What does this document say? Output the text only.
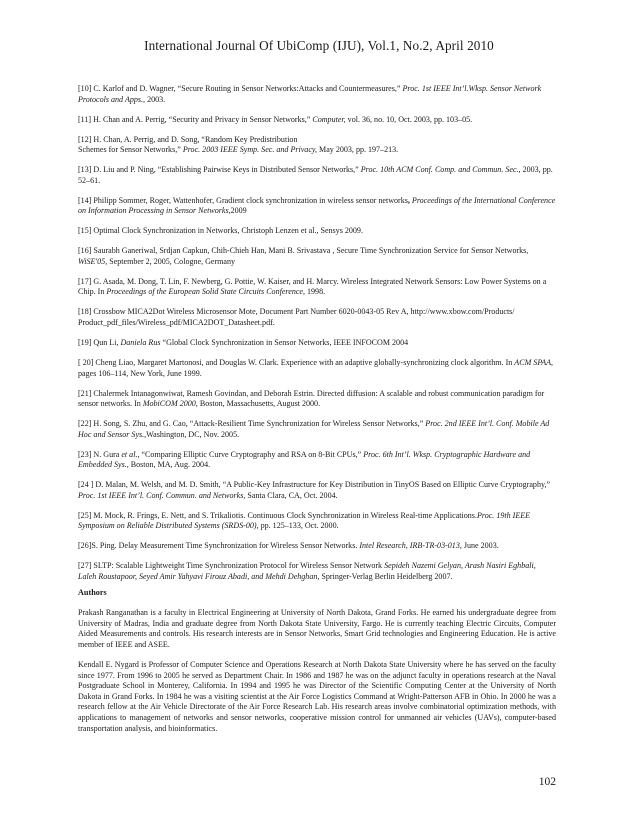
International Journal Of UbiComp (IJU), Vol.1, No.2, April 2010

[10] C. Karlof and D. Wagner, “Secure Routing in Sensor Networks:Attacks and Countermeasures,” Proc. 1st IEEE Int’l.Wksp. Sensor Network Protocols and Apps., 2003.

[11] H. Chan and A. Perrig, “Security and Privacy in Sensor Networks,” Computer, vol. 36, no. 10, Oct. 2003, pp. 103–05.

[12] H. Chan, A. Perrig, and D. Song, “Random Key Predistribution
Schemes for Sensor Networks,” Proc. 2003 IEEE Symp. Sec. and Privacy, May 2003, pp. 197–213.

[13] D. Liu and P. Ning, “Establishing Pairwise Keys in Distributed Sensor Networks,” Proc. 10th ACM Conf. Comp. and Commun. Sec., 2003, pp. 52–61.

[14] Philipp Sommer, Roger, Wattenhofer, Gradient clock synchronization in wireless sensor networks, Proceedings of the International Conference on Information Processing in Sensor Networks,2009

[15] Optimal Clock Synchronization in Networks, Christoph Lenzen et al., Sensys 2009.

[16] Saurabh Ganeriwal, Srdjan Capkun, Chih-Chieh Han, Mani B. Srivastava , Secure Time Synchronization Service for Sensor Networks, WiSE'05, September 2, 2005, Cologne, Germany

[17] G. Asada, M. Dong, T. Lin, F. Newberg, G. Pottie, W. Kaiser, and H. Marcy. Wireless Integrated Network Sensors: Low Power Systems on a Chip. In Proceedings of the European Solid State Circuits Conference, 1998.

[18] Crossbow MICA2Dot Wireless Microsensor Mote, Document Part Number 6020-0043-05 Rev A, http://www.xbow.com/Products/
Product_pdf_files/Wireless_pdf/MICA2DOT_Datasheet.pdf.

[19] Qun Li, Daniela Rus “Global Clock Synchronization in Sensor Networks, IEEE INFOCOM 2004

[ 20] Cheng Liao, Margaret Martonosi, and Douglas W. Clark. Experience with an adaptive globally-synchronizing clock algorithm. In ACM SPAA, pages 106–114, New York, June 1999.

[21] Chalermek Intanagonwiwat, Ramesh Govindan, and Deborah Estrin. Directed diffusion: A scalable and robust communication paradigm for sensor networks. In MobiCOM 2000, Boston, Massachusetts, August 2000.

[22] H. Song, S. Zhu, and G. Cao, “Attack-Resilient Time Synchronization for Wireless Sensor Networks,” Proc. 2nd IEEE Int’l. Conf. Mobile Ad Hoc and Sensor Sys.,Washington, DC, Nov. 2005.

[23] N. Gura et al., “Comparing Elliptic Curve Cryptography and RSA on 8-Bit CPUs,” Proc. 6th Int’l. Wksp. Cryptographic Hardware and Embedded Sys., Boston, MA, Aug. 2004.

[24 ] D. Malan, M. Welsh, and M. D. Smith, “A Public-Key Infrastructure for Key Distribution in TinyOS Based on Elliptic Curve Cryptography,” Proc. 1st IEEE Int’l. Conf. Commun. and Networks, Santa Clara, CA, Oct. 2004.

[25] M. Mock, R. Frings, E. Nett, and S. Trikaliotis. Continuous Clock Synchronization in Wireless Real-time Applications.Proc. 19th IEEE Symposium on Reliable Distributed Systems (SRDS-00), pp. 125–133, Oct. 2000.

[26]S. Ping. Delay Measurement Time Synchronization for Wireless Sensor Networks. Intel Research, IRB-TR-03-013, June 2003.

[27] SLTP: Scalable Lightweight Time Synchronization Protocol for Wireless Sensor Network Sepideh Nazemi Gelyan, Arash Nasiri Eghbali, Laleh Roustapoor, Seyed Amir Yahyavi Firouz Abadi, and Mehdi Dehghan, Springer-Verlag Berlin Heidelberg 2007.

Authors

Prakash Ranganathan is a faculty in Electrical Engineering at University of North Dakota, Grand Forks. He earned his undergraduate degree from University of Madras, India and graduate degree from North Dakota State University, Fargo. He is currently teaching Electric Circuits, Computer Aided Measurements and controls. His research interests are in Sensor Networks, Smart Grid technologies and Engineering Education. He is active member of IEEE and ASEE.

Kendall E. Nygard is Professor of Computer Science and Operations Research at North Dakota State University where he has served on the faculty since 1977. From 1996 to 2005 he served as Department Chair. In 1986 and 1987 he was on the adjunct faculty in operations research at the Naval Postgraduate School in Monterey, California. In 1994 and 1995 he was Director of the Scientific Computing Center at the University of North Dakota in Grand Forks. In 1984 he was a visiting scientist at the Air Force Logistics Command at Wright-Patterson AFB in Ohio. In 2000 he was a research fellow at the Air Vehicle Directorate of the Air Force Research Lab. His research areas involve combinatorial optimization methods, with applications to management of networks and sensor networks, cooperative mission control for unmanned air vehicles (UAVs), computer-based transportation analysis, and bioinformatics.

102
